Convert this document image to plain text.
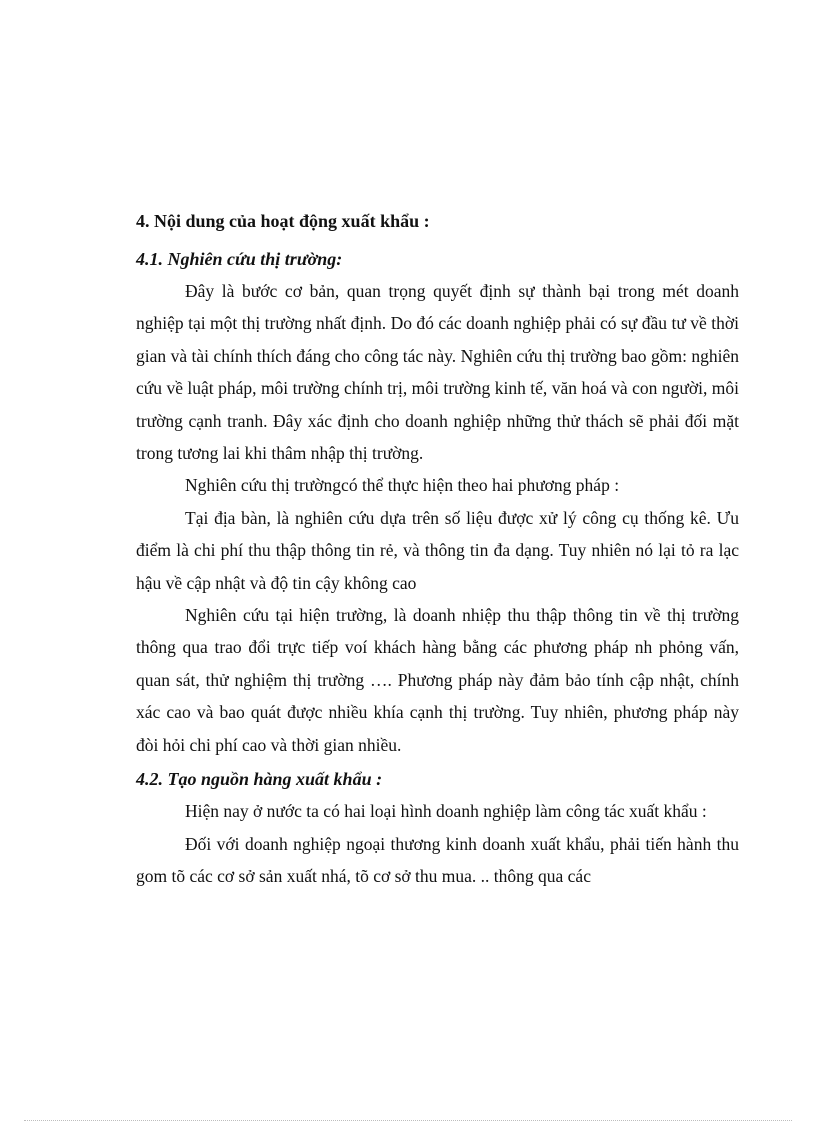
4. Nội dung của hoạt động xuất khẩu :

4.1. Nghiên cứu thị trường:

Đây là bước cơ bản, quan trọng quyết định sự thành bại trong mét doanh nghiệp tại một thị trường nhất định. Do đó các doanh nghiệp phải có sự đầu tư về thời gian và tài chính thích đáng cho công tác này. Nghiên cứu thị trường bao gồm: nghiên cứu về luật pháp, môi trường chính trị, môi trường kinh tế, văn hoá và con người, môi trường cạnh tranh. Đây xác định cho doanh nghiệp những thử thách sẽ phải đối mặt trong tương lai khi thâm nhập thị trường.

Nghiên cứu thị trườngcó thể thực hiện theo hai phương pháp :

Tại địa bàn, là nghiên cứu dựa trên số liệu được xử lý công cụ thống kê. Ưu điểm là chi phí thu thập thông tin rẻ, và thông tin đa dạng. Tuy nhiên nó lại tỏ ra lạc hậu về cập nhật và độ tin cậy không cao

Nghiên cứu tại hiện trường, là doanh nhiệp thu thập thông tin về thị trường thông qua trao đổi trực tiếp voí khách hàng bằng các phương pháp nh phỏng vấn, quan sát, thử nghiệm thị trường …. Phương pháp này đảm bảo tính cập nhật, chính xác cao và bao quát được nhiều khía cạnh thị trường. Tuy nhiên, phương pháp này đòi hỏi chi phí cao và thời gian nhiều.

4.2. Tạo nguồn hàng xuất khẩu :

Hiện nay ở nước ta có hai loại hình doanh nghiệp làm công tác xuất khẩu :

Đối với doanh nghiệp ngoại thương kinh doanh xuất khẩu, phải tiến hành thu gom tõ các cơ sở sản xuất nhá, tõ cơ sở thu mua. .. thông qua các
